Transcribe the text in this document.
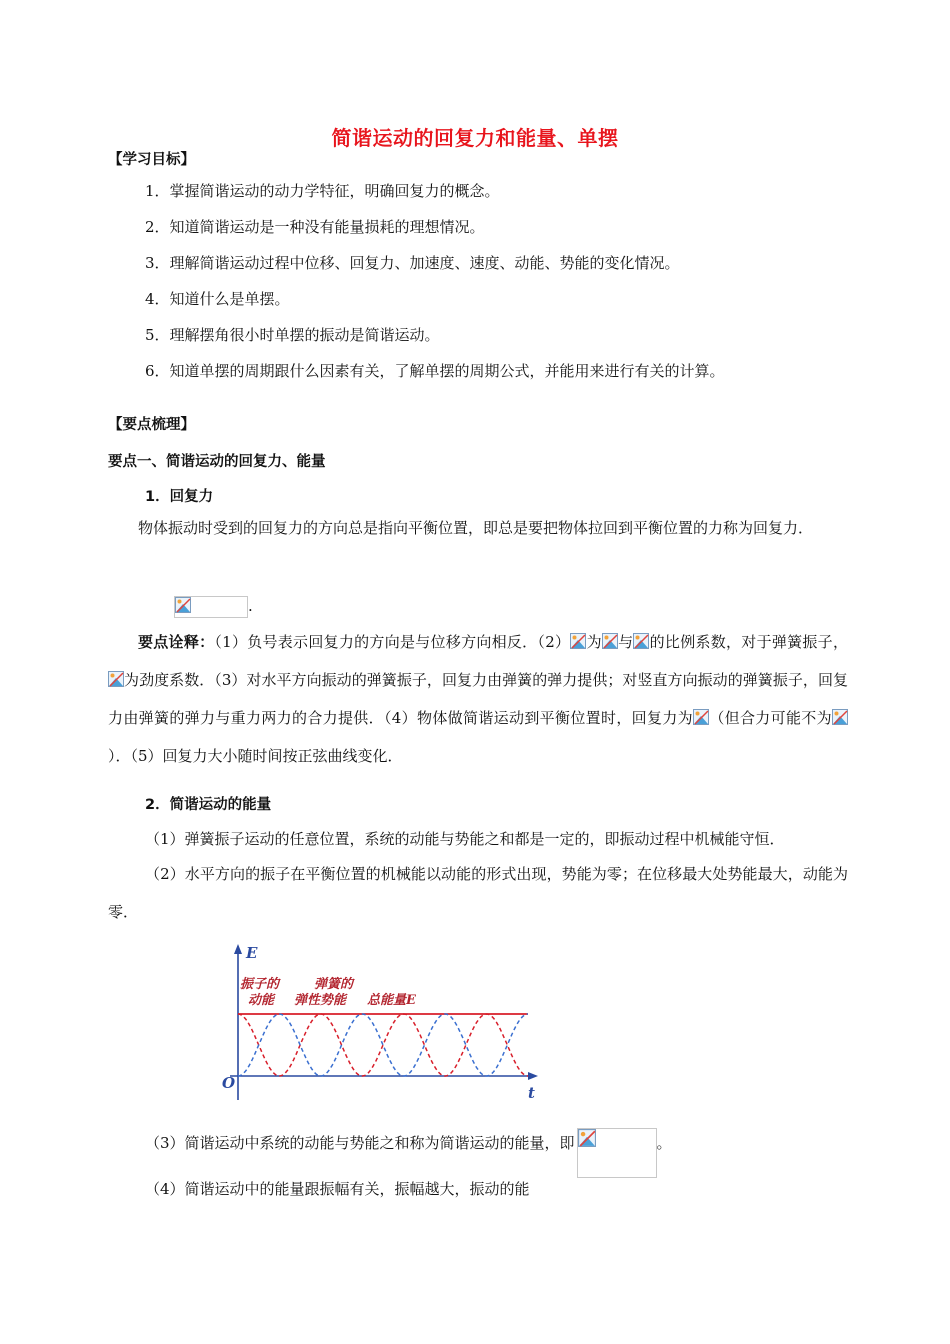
简谐运动的回复力和能量、单摆
【学习目标】
1．掌握简谐运动的动力学特征，明确回复力的概念。
2．知道简谐运动是一种没有能量损耗的理想情况。
3．理解简谐运动过程中位移、回复力、加速度、速度、动能、势能的变化情况。
4．知道什么是单摆。
5．理解摆角很小时单摆的振动是简谐运动。
6．知道单摆的周期跟什么因素有关，了解单摆的周期公式，并能用来进行有关的计算。
【要点梳理】
要点一、简谐运动的回复力、能量
1．回复力
物体振动时受到的回复力的方向总是指向平衡位置，即总是要把物体拉回到平衡位置的力称为回复力．
.
要点诠释：（1）负号表示回复力的方向是与位移方向相反．（2） 为 与 的比例系数，对于弹簧振子，为劲度系数．（3）对水平方向振动的弹簧振子，回复力由弹簧的弹力提供；对竖直方向振动的弹簧振子，回复力由弹簧的弹力与重力两力的合力提供．（4）物体做简谐运动到平衡位置时，回复力为 （但合力可能不为）．（5）回复力大小随时间按正弦曲线变化．
2．简谐运动的能量
（1）弹簧振子运动的任意位置，系统的动能与势能之和都是一定的，即振动过程中机械能守恒．
（2）水平方向的振子在平衡位置的机械能以动能的形式出现，势能为零；在位移最大处势能最大，动能为零．
E
t
O
振子的
动能
弹簧的
弹性势能 总能量E
（3）简谐运动中系统的动能与势能之和称为简谐运动的能量，即	。
（4）简谐运动中的能量跟振幅有关，振幅越大，振动的能
